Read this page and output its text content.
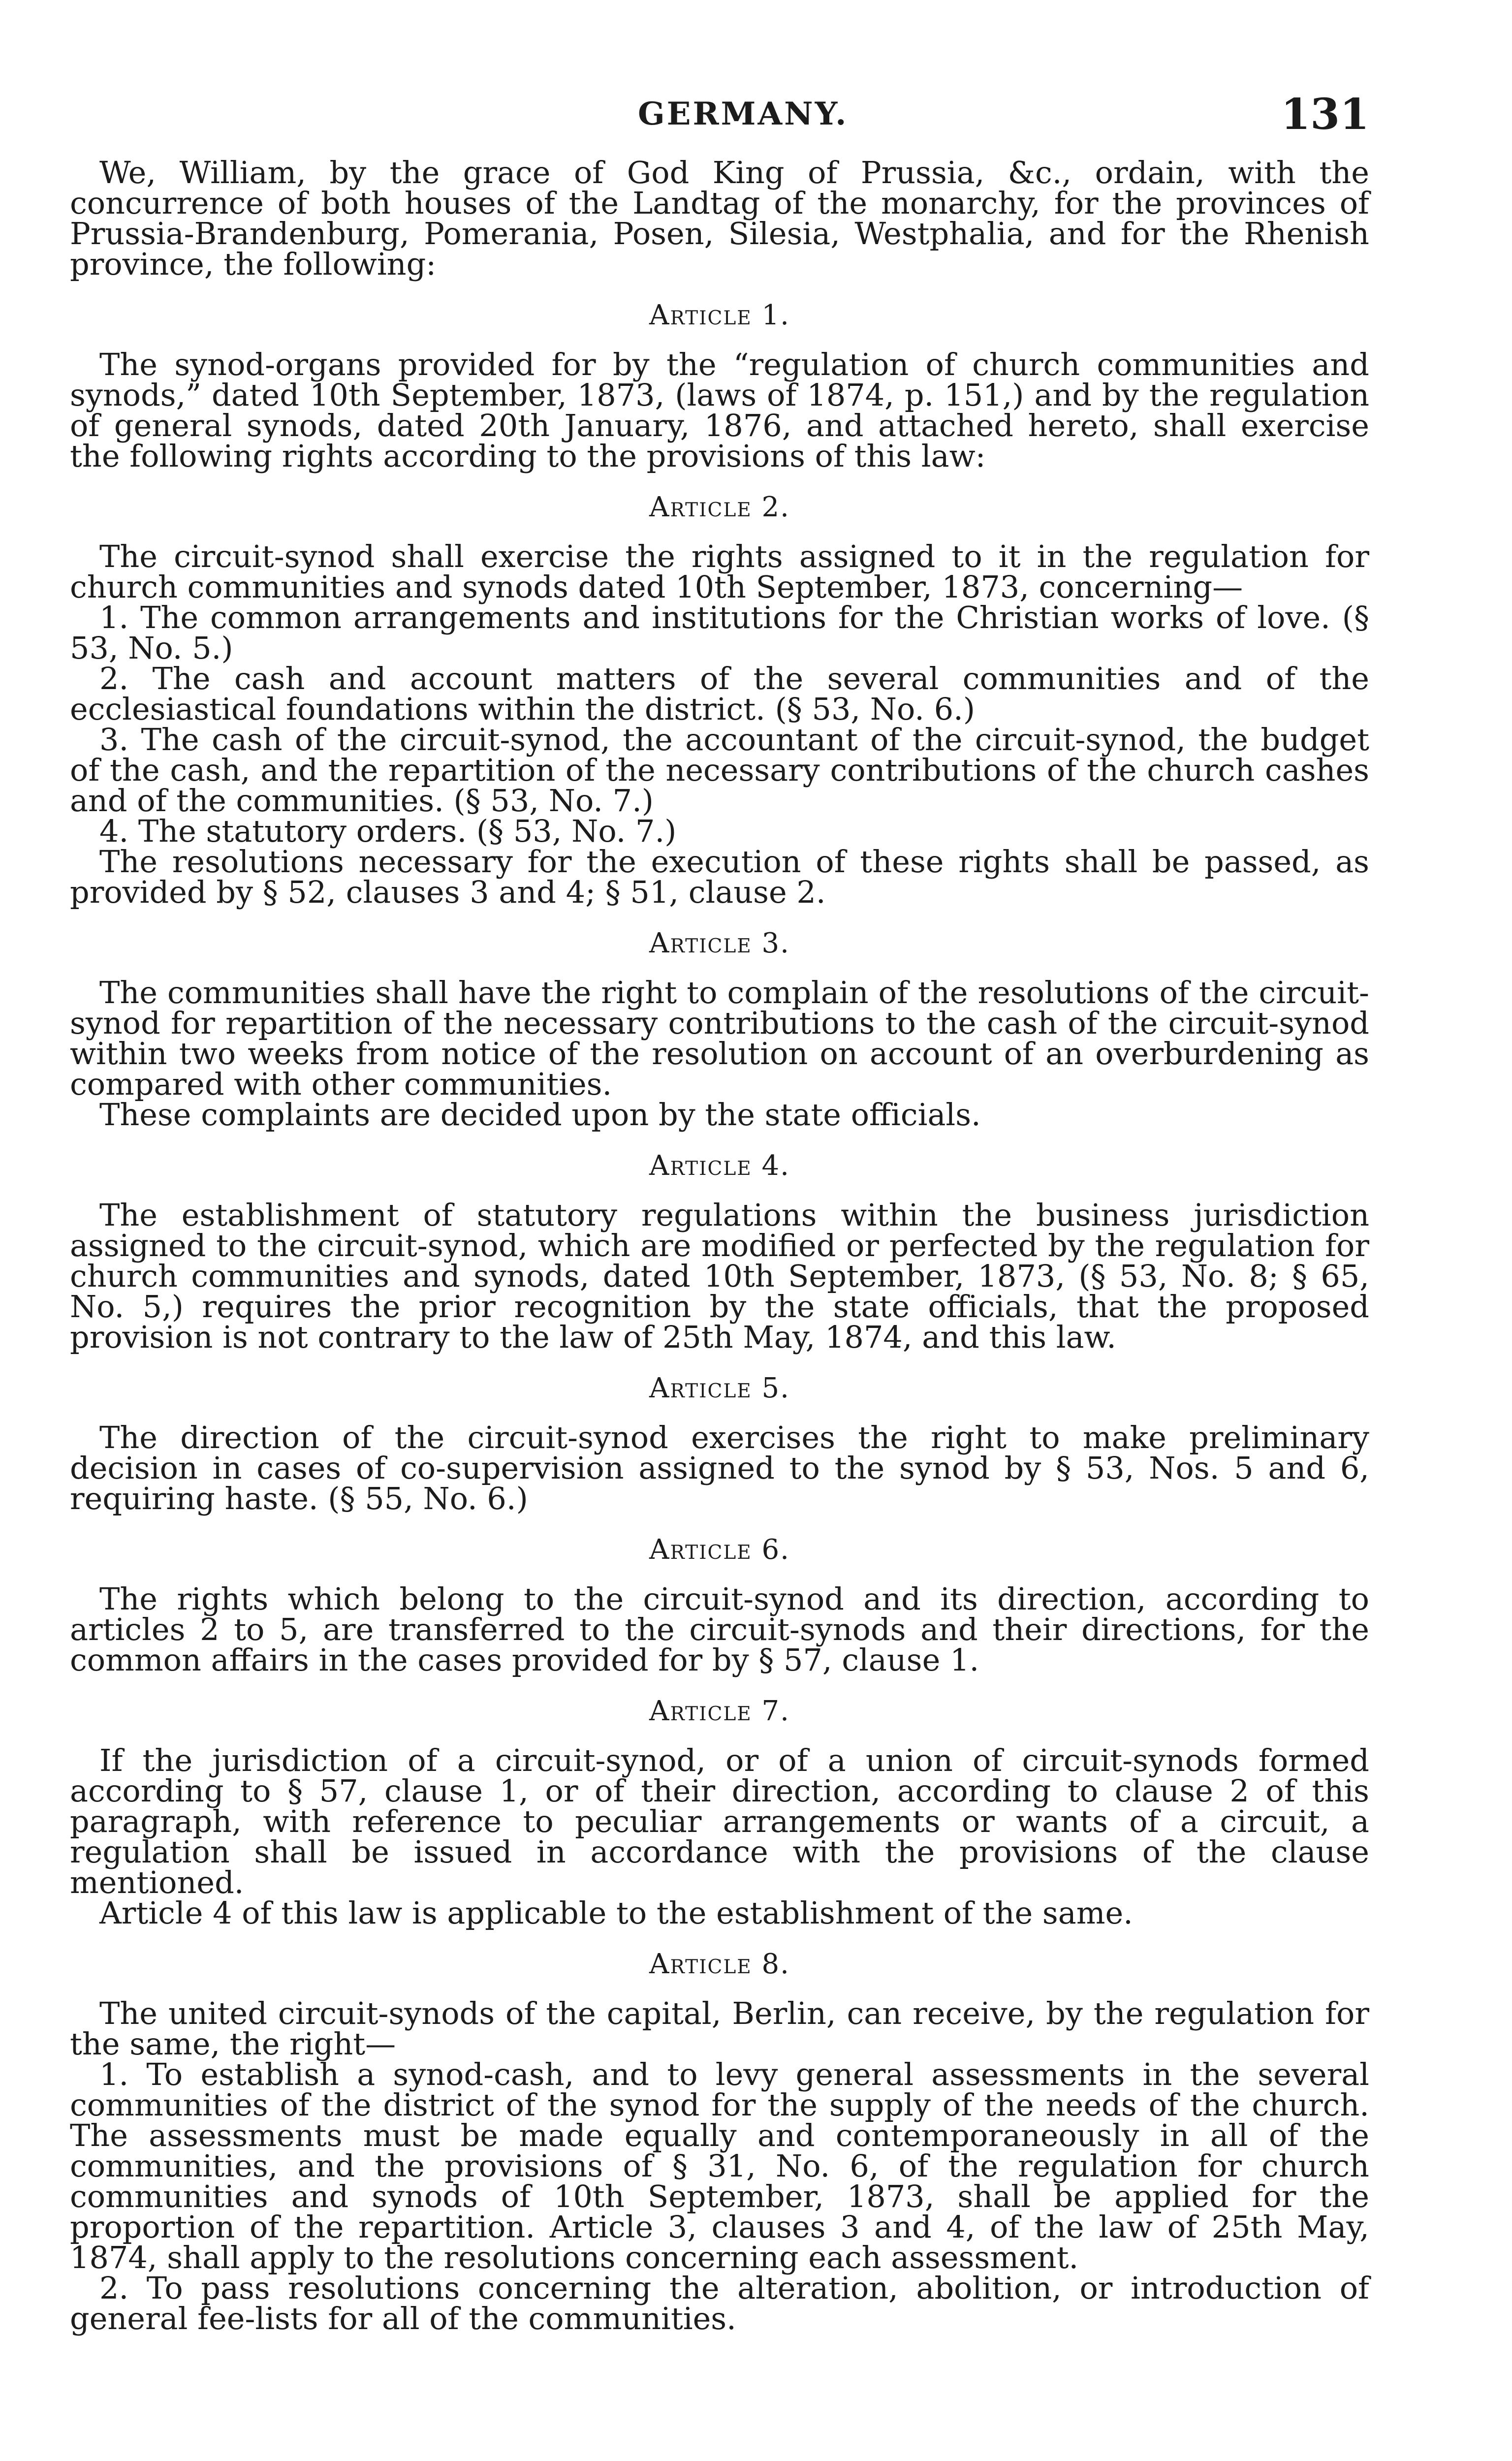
GERMANY.	131

We, William, by the grace of God King of Prussia, &c., ordain, with the concurrence of both houses of the Landtag of the monarchy, for the provinces of Prussia-Brandenburg, Pomerania, Posen, Silesia, Westphalia, and for the Rhenish province, the following:

Article 1.

The synod-organs provided for by the “regulation of church communities and synods,” dated 10th September, 1873, (laws of 1874, p. 151,) and by the regulation of general synods, dated 20th January, 1876, and attached hereto, shall exercise the following rights according to the provisions of this law:

Article 2.

The circuit-synod shall exercise the rights assigned to it in the regulation for church communities and synods dated 10th September, 1873, concerning—

1. The common arrangements and institutions for the Christian works of love. (§ 53, No. 5.)

2. The cash and account matters of the several communities and of the ecclesiastical foundations within the district. (§ 53, No. 6.)

3. The cash of the circuit-synod, the accountant of the circuit-synod, the budget of the cash, and the repartition of the necessary contributions of the church cashes and of the communities. (§ 53, No. 7.)

4. The statutory orders. (§ 53, No. 7.)

The resolutions necessary for the execution of these rights shall be passed, as provided by § 52, clauses 3 and 4; § 51, clause 2.

Article 3.

The communities shall have the right to complain of the resolutions of the circuit-synod for repartition of the necessary contributions to the cash of the circuit-synod within two weeks from notice of the resolution on account of an overburdening as compared with other communities.

These complaints are decided upon by the state officials.

Article 4.

The establishment of statutory regulations within the business jurisdiction assigned to the circuit-synod, which are modified or perfected by the regulation for church communities and synods, dated 10th September, 1873, (§ 53, No. 8; § 65, No. 5,) requires the prior recognition by the state officials, that the proposed provision is not contrary to the law of 25th May, 1874, and this law.

Article 5.

The direction of the circuit-synod exercises the right to make preliminary decision in cases of co-supervision assigned to the synod by § 53, Nos. 5 and 6, requiring haste. (§ 55, No. 6.)

Article 6.

The rights which belong to the circuit-synod and its direction, according to articles 2 to 5, are transferred to the circuit-synods and their directions, for the common affairs in the cases provided for by § 57, clause 1.

Article 7.

If the jurisdiction of a circuit-synod, or of a union of circuit-synods formed according to § 57, clause 1, or of their direction, according to clause 2 of this paragraph, with reference to peculiar arrangements or wants of a circuit, a regulation shall be issued in accordance with the provisions of the clause mentioned.

Article 4 of this law is applicable to the establishment of the same.

Article 8.

The united circuit-synods of the capital, Berlin, can receive, by the regulation for the same, the right—

1. To establish a synod-cash, and to levy general assessments in the several communities of the district of the synod for the supply of the needs of the church. The assessments must be made equally and contemporaneously in all of the communities, and the provisions of § 31, No. 6, of the regulation for church communities and synods of 10th September, 1873, shall be applied for the proportion of the repartition. Article 3, clauses 3 and 4, of the law of 25th May, 1874, shall apply to the resolutions concerning each assessment.

2. To pass resolutions concerning the alteration, abolition, or introduction of general fee-lists for all of the communities.
